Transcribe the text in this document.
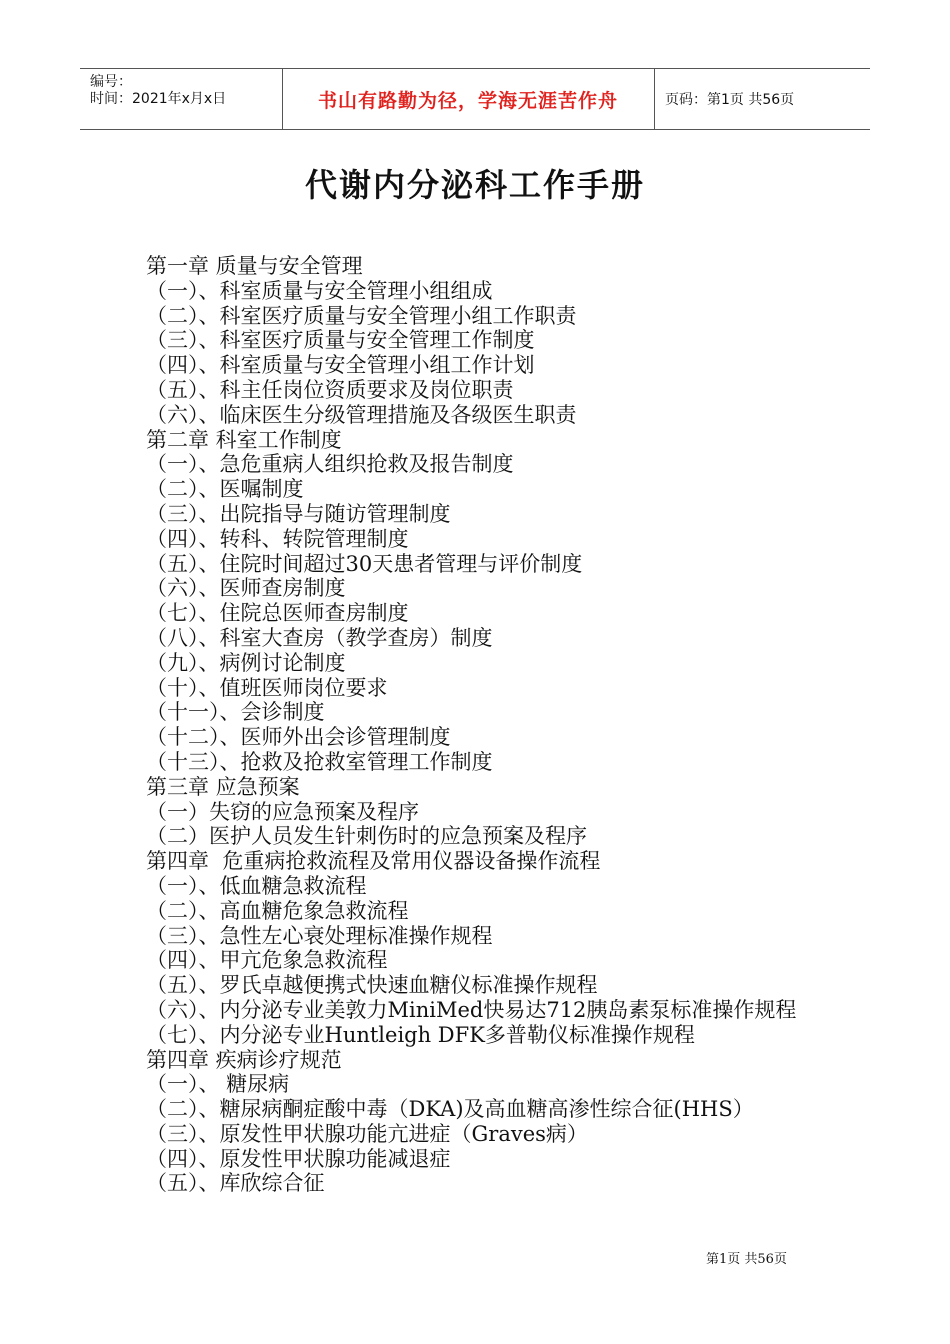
编号：
时间：2021年x月x日	书山有路勤为径，学海无涯苦作舟	页码：第1页 共56页
代谢内分泌科工作手册
第一章 质量与安全管理
（一）、科室质量与安全管理小组组成
（二）、科室医疗质量与安全管理小组工作职责
（三）、科室医疗质量与安全管理工作制度
（四）、科室质量与安全管理小组工作计划
（五）、科主任岗位资质要求及岗位职责
（六）、临床医生分级管理措施及各级医生职责
第二章 科室工作制度
（一）、急危重病人组织抢救及报告制度
（二）、医嘱制度
（三）、出院指导与随访管理制度
（四）、转科、转院管理制度
（五）、住院时间超过30天患者管理与评价制度
（六）、医师查房制度
（七）、住院总医师查房制度
（八）、科室大查房（教学查房）制度
（九）、病例讨论制度
（十）、值班医师岗位要求
（十一）、会诊制度
（十二）、医师外出会诊管理制度
（十三）、抢救及抢救室管理工作制度
第三章 应急预案
（一）失窃的应急预案及程序
（二）医护人员发生针刺伤时的应急预案及程序
第四章  危重病抢救流程及常用仪器设备操作流程
（一）、低血糖急救流程
（二）、高血糖危象急救流程
（三）、急性左心衰处理标准操作规程
（四）、甲亢危象急救流程
（五）、罗氏卓越便携式快速血糖仪标准操作规程
（六）、内分泌专业美敦力MiniMed快易达712胰岛素泵标准操作规程
（七）、内分泌专业Huntleigh DFK多普勒仪标准操作规程
第四章 疾病诊疗规范
（一）、 糖尿病
（二）、糖尿病酮症酸中毒（DKA)及高血糖高渗性综合征(HHS）
（三）、原发性甲状腺功能亢进症（Graves病）
（四）、原发性甲状腺功能减退症
（五）、库欣综合征
第1页 共56页
